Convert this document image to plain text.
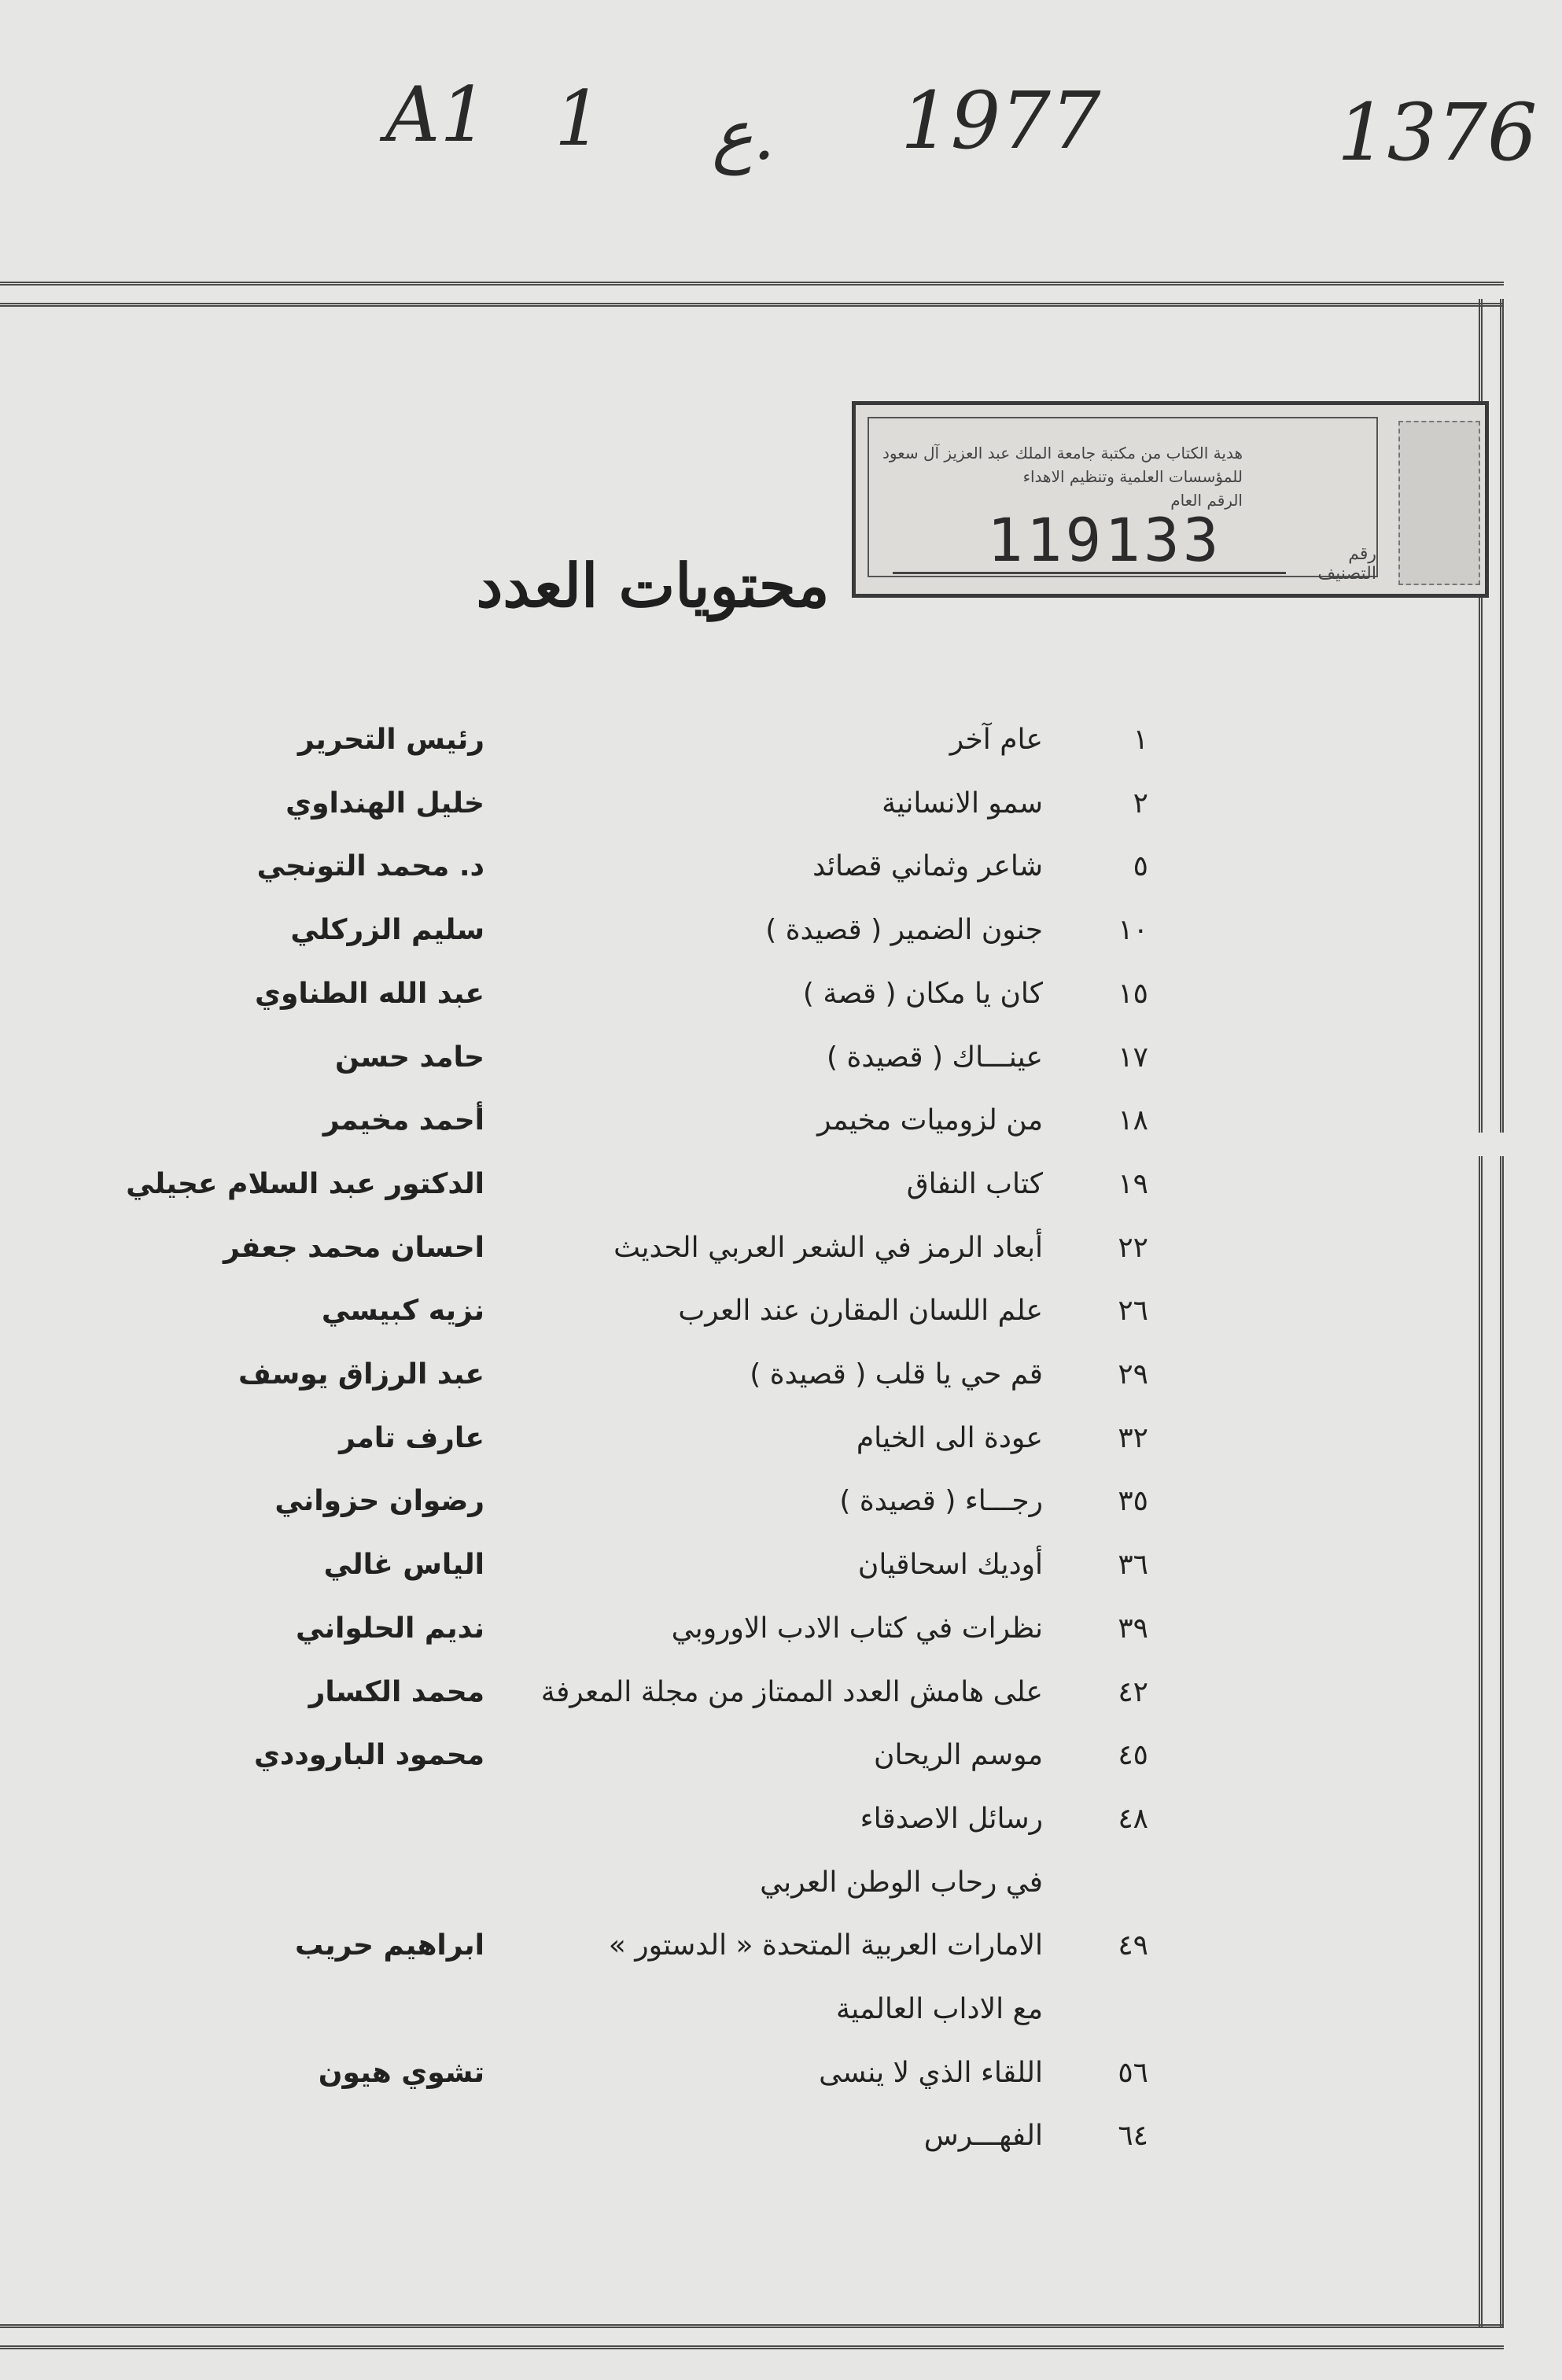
A1 1 ع. 1977	1376
هدية الكتاب من مكتبة جامعة الملك عبد العزيز آل سعود
للمؤسسات العلمية وتنظيم الاهداء
الرقم العام
119133	رقم التصنيف
محتويات العدد
١
عام آخر
رئيس التحرير
٢
سمو الانسانية
خليل الهنداوي
٥
شاعر وثماني قصائد
د. محمد التونجي
١٠
جنون الضمير ( قصيدة )
سليم الزركلي
١٥
كان يا مكان ( قصة )
عبد الله الطناوي
١٧
عينـــاك ( قصيدة )
حامد حسن
١٨
من لزوميات مخيمر
أحمد مخيمر
١٩
كتاب النفاق
الدكتور عبد السلام عجيلي
٢٢
أبعاد الرمز في الشعر العربي الحديث
احسان محمد جعفر
٢٦
علم اللسان المقارن عند العرب
نزيه كبيسي
٢٩
قم حي يا قلب ( قصيدة )
عبد الرزاق يوسف
٣٢
عودة الى الخيام
عارف تامر
٣٥
رجـــاء ( قصيدة )
رضوان حزواني
٣٦
أوديك اسحاقيان
الياس غالي
٣٩
نظرات في كتاب الادب الاوروبي
نديم الحلواني
٤٢
على هامش العدد الممتاز من مجلة المعرفة
محمد الكسار
٤٥
موسم الريحان
محمود الباروددي
٤٨
رسائل الاصدقاء
في رحاب الوطن العربي
٤٩
الامارات العربية المتحدة « الدستور »
ابراهيم حريب
مع الاداب العالمية
٥٦
اللقاء الذي لا ينسى
تشوي هيون
٦٤
الفهـــرس
